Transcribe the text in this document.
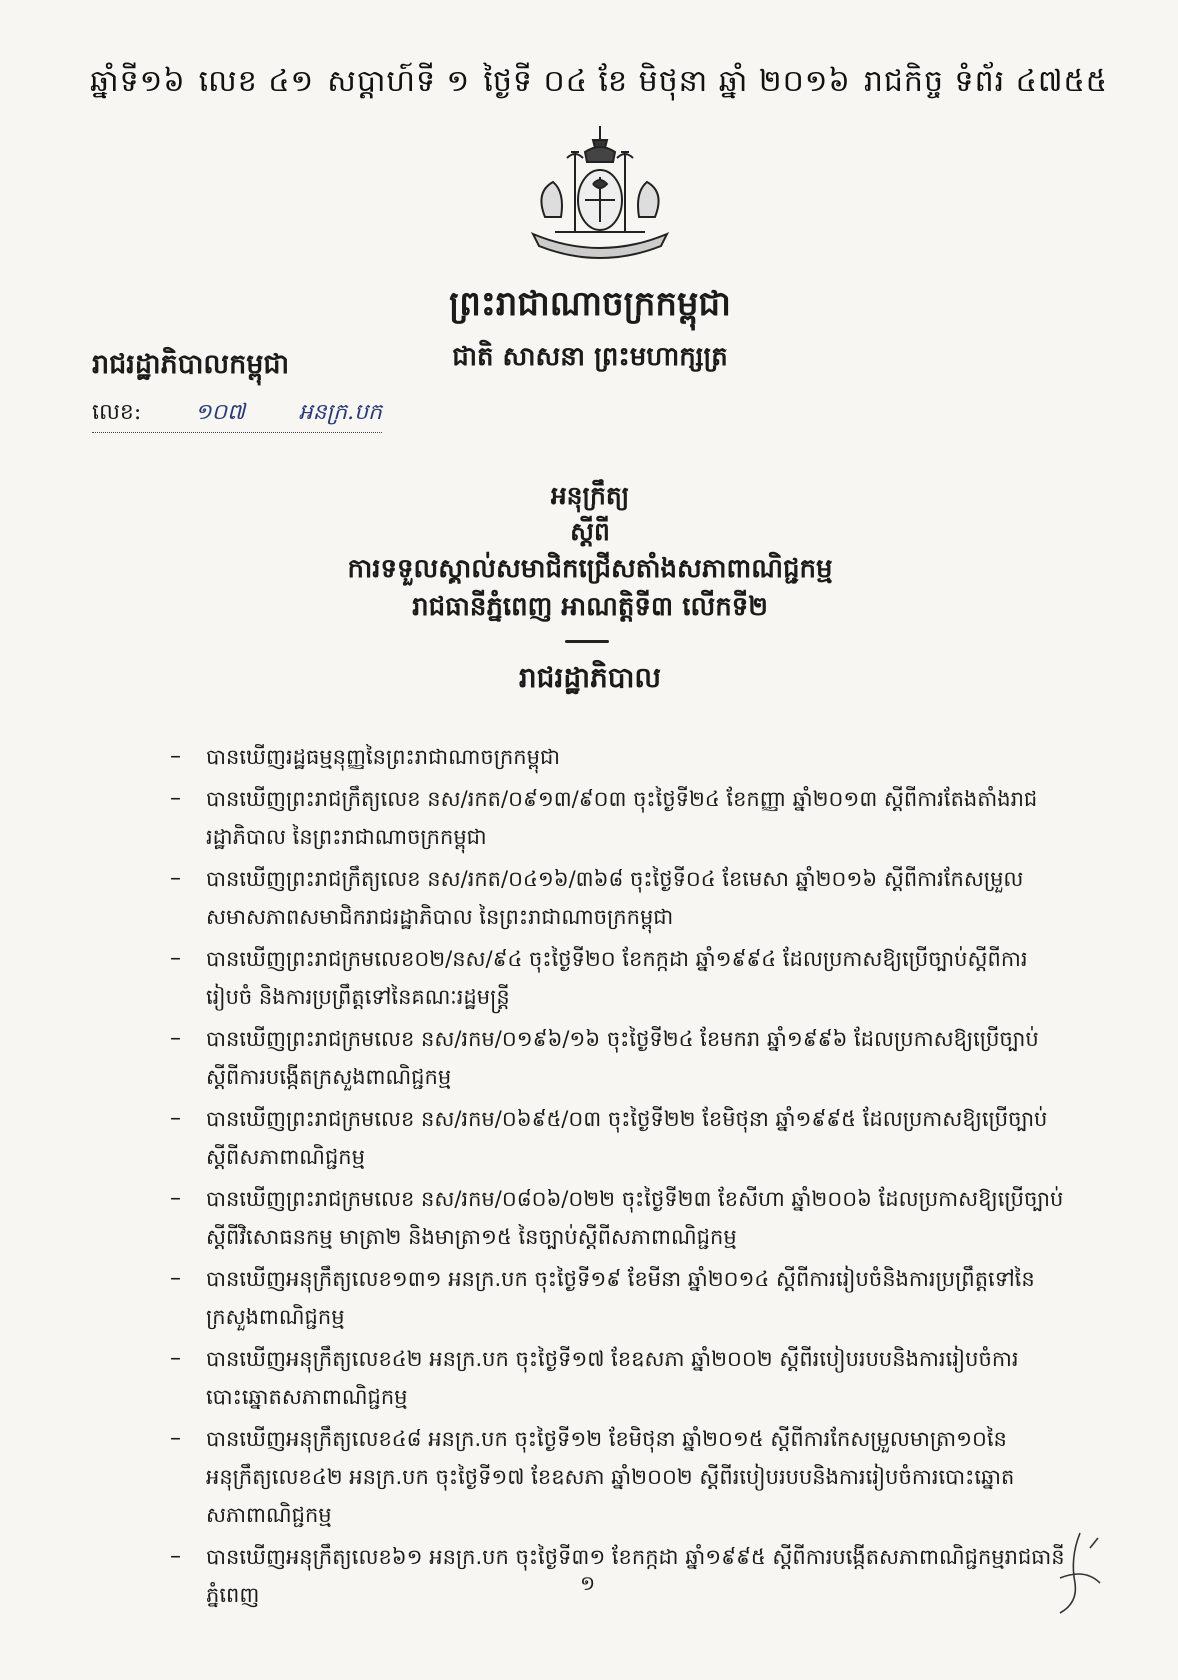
ឆ្នាំទី១៦ លេខ ៤១ សប្តាហ៍ទី ១ ថ្ងៃទី ០៤ ខែ មិថុនា ឆ្នាំ ២០១៦ រាជកិច្ច ទំព័រ ៤៧៥៥
ព្រះរាជាណាចក្រកម្ពុជា
ជាតិ សាសនា ព្រះមហាក្សត្រ
រាជរដ្ឋាភិបាលកម្ពុជា
លេខ: ១០៧ អនក្រ.បក
អនុក្រឹត្យ
ស្តីពី
ការទទួលស្គាល់សមាជិកជ្រើសតាំងសភាពាណិជ្ជកម្ម
រាជធានីភ្នំពេញ អាណត្តិទី៣ លើកទី២
រាជរដ្ឋាភិបាល
– បានឃើញរដ្ឋធម្មនុញ្ញនៃព្រះរាជាណាចក្រកម្ពុជា
– បានឃើញព្រះរាជក្រឹត្យលេខ នស/រកត/០៩១៣/៩០៣ ចុះថ្ងៃទី២៤ ខែកញ្ញា ឆ្នាំ២០១៣ ស្តីពីការតែងតាំងរាជរដ្ឋាភិបាល នៃព្រះរាជាណាចក្រកម្ពុជា
– បានឃើញព្រះរាជក្រឹត្យលេខ នស/រកត/០៤១៦/៣៦៨ ចុះថ្ងៃទី០៤ ខែមេសា ឆ្នាំ២០១៦ ស្តីពីការកែសម្រួលសមាសភាពសមាជិករាជរដ្ឋាភិបាល នៃព្រះរាជាណាចក្រកម្ពុជា
– បានឃើញព្រះរាជក្រមលេខ០២/នស/៩៤ ចុះថ្ងៃទី២០ ខែកក្កដា ឆ្នាំ១៩៩៤ ដែលប្រកាសឱ្យប្រើច្បាប់ស្តីពីការរៀបចំ និងការប្រព្រឹត្តទៅនៃគណៈរដ្ឋមន្ត្រី
– បានឃើញព្រះរាជក្រមលេខ នស/រកម/០១៩៦/១៦ ចុះថ្ងៃទី២៤ ខែមករា ឆ្នាំ១៩៩៦ ដែលប្រកាសឱ្យប្រើច្បាប់ស្តីពីការបង្កើតក្រសួងពាណិជ្ជកម្ម
– បានឃើញព្រះរាជក្រមលេខ នស/រកម/០៦៩៥/០៣ ចុះថ្ងៃទី២២ ខែមិថុនា ឆ្នាំ១៩៩៥ ដែលប្រកាសឱ្យប្រើច្បាប់ស្តីពីសភាពាណិជ្ជកម្ម
– បានឃើញព្រះរាជក្រមលេខ នស/រកម/០៨០៦/០២២ ចុះថ្ងៃទី២៣ ខែសីហា ឆ្នាំ២០០៦ ដែលប្រកាសឱ្យប្រើច្បាប់ស្តីពីវិសោធនកម្ម មាត្រា២ និងមាត្រា១៥ នៃច្បាប់ស្តីពីសភាពាណិជ្ជកម្ម
– បានឃើញអនុក្រឹត្យលេខ១៣១ អនក្រ.បក ចុះថ្ងៃទី១៩ ខែមីនា ឆ្នាំ២០១៤ ស្តីពីការរៀបចំនិងការប្រព្រឹត្តទៅនៃក្រសួងពាណិជ្ជកម្ម
– បានឃើញអនុក្រឹត្យលេខ៤២ អនក្រ.បក ចុះថ្ងៃទី១៧ ខែឧសភា ឆ្នាំ២០០២ ស្តីពីរបៀបរបបនិងការរៀបចំការបោះឆ្នោតសភាពាណិជ្ជកម្ម
– បានឃើញអនុក្រឹត្យលេខ៤៨ អនក្រ.បក ចុះថ្ងៃទី១២ ខែមិថុនា ឆ្នាំ២០១៥ ស្តីពីការកែសម្រួលមាត្រា១០នៃអនុក្រឹត្យលេខ៤២ អនក្រ.បក ចុះថ្ងៃទី១៧ ខែឧសភា ឆ្នាំ២០០២ ស្តីពីរបៀបរបបនិងការរៀបចំការបោះឆ្នោតសភាពាណិជ្ជកម្ម
– បានឃើញអនុក្រឹត្យលេខ៦១ អនក្រ.បក ចុះថ្ងៃទី៣១ ខែកក្កដា ឆ្នាំ១៩៩៥ ស្តីពីការបង្កើតសភាពាណិជ្ជកម្មរាជធានីភ្នំពេញ	១
